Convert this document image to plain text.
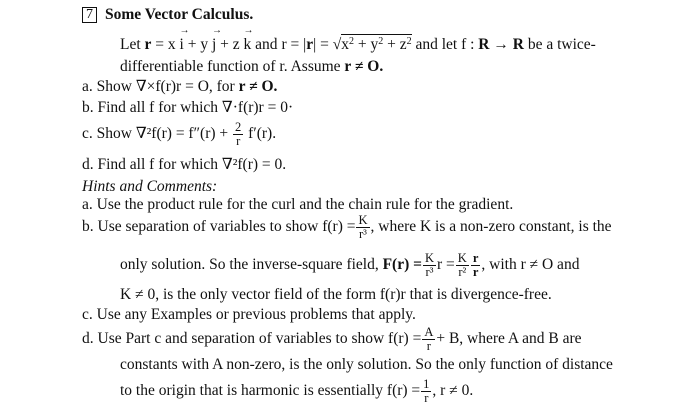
7 Some Vector Calculus.
Let r = x → i + y → j + z → k and $r = |r| = √x^2 + y^2 + z^2$ and let f : R → R be a twice-
differentiable function of r. Assume r ≠ O.
a. Show ∇×f(r)r = O, for r ≠ O.
b. Find all f for which ∇·f(r)r = 0·
c. Show $\nabla^2f(r) = f''(r) + \frac{2}{r} f'(r)$.
d. Find all f for which ∇²f(r) = 0.
Hints and Comments:
a. Use the product rule for the curl and the chain rule for the gradient.
b. Use separation of variables to show $f(r) = \frac{K}{\text{r³}}$ , where K is a non-zero constant, is the
only solution. So the inverse-square field, $F(r) = \frac{K}{\text{r³}}$ $r = \frac{K}{\text{r²}} \frac{r}{r}$ , with r ≠ O and
K ≠ 0, is the only vector field of the form f(r)r that is divergence-free.
c. Use any Examples or previous problems that apply.
d. Use Part c and separation of variables to show $f(r) = \frac{A}{r} + B$, where A and B are
constants with A non-zero, is the only solution. So the only function of distance
to the origin that is harmonic is essentially $f(r) = \frac{1}{r}$ , r ≠ 0.
